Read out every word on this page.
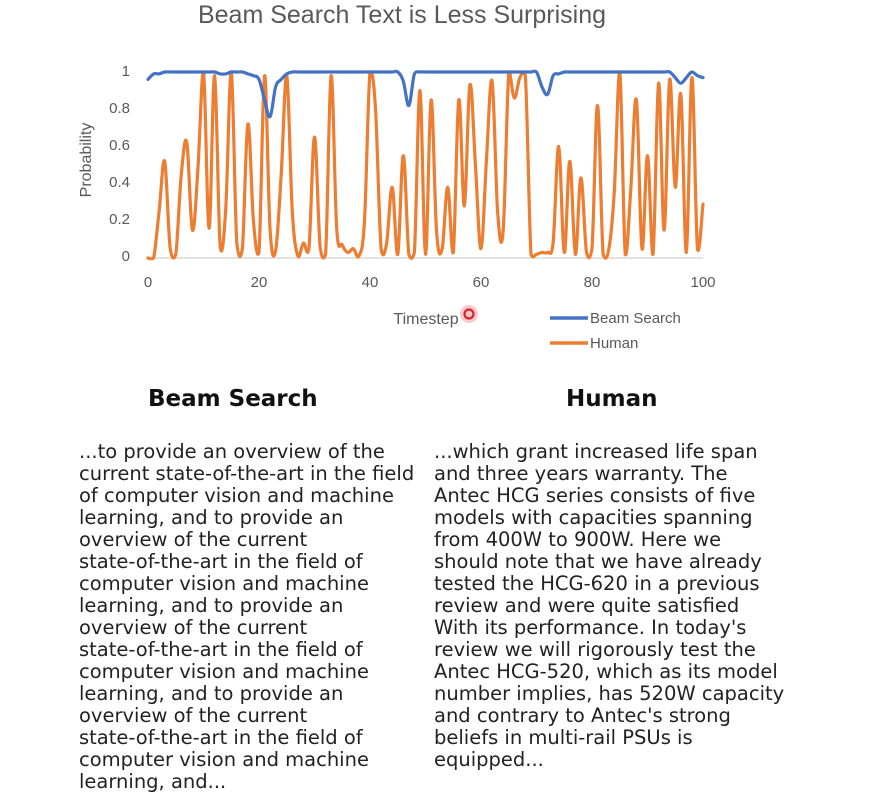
Beam Search Text is Less Surprising
0
0.2
0.4
0.6
0.8
1
0	20	40	60	80	100
Probability
Timestep	Beam Search
Human
Beam Search	Human
...to provide an overview of the
current state-of-the-art in the field
of computer vision and machine
learning, and to provide an
overview of the current
state-of-the-art in the field of
computer vision and machine
learning, and to provide an
overview of the current
state-of-the-art in the field of
computer vision and machine
learning, and to provide an
overview of the current
state-of-the-art in the field of
computer vision and machine
learning, and...
...which grant increased life span
and three years warranty. The
Antec HCG series consists of five
models with capacities spanning
from 400W to 900W. Here we
should note that we have already
tested the HCG-620 in a previous
review and were quite satisfied
With its performance. In today's
review we will rigorously test the
Antec HCG-520, which as its model
number implies, has 520W capacity
and contrary to Antec's strong
beliefs in multi-rail PSUs is
equipped...
